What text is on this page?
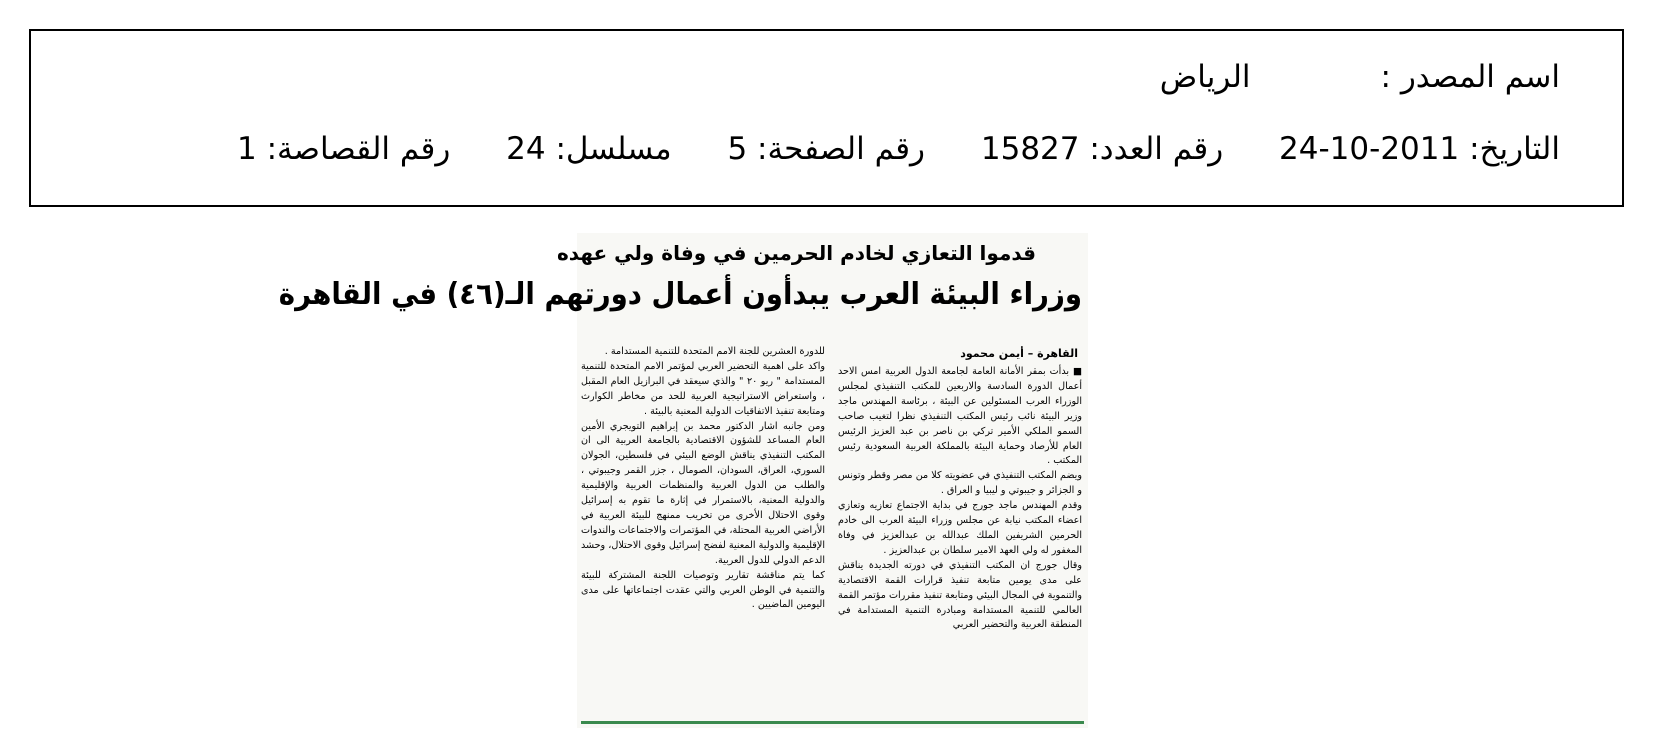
اسم المصدر :الرياض
التاريخ: 2011-10-24 رقم العدد: 15827 رقم الصفحة: 5 مسلسل: 24 رقم القصاصة: 1
قدموا التعازي لخادم الحرمين في وفاة ولي عهده
وزراء البيئة العرب يبدأون أعمال دورتهم الـ(٤٦) في القاهرة
القاهرة – أيمن محمود

■ بدأت بمقر الأمانة العامة لجامعة الدول العربية امس الاحد أعمال الدورة السادسة والاربعين للمكتب التنفيذي لمجلس الوزراء العرب المسئولين عن البيئة ، برئاسة المهندس ماجد وزير البيئة نائب رئيس المكتب التنفيذي نظرا لتغيب صاحب السمو الملكي الأمير تركي بن ناصر بن عبد العزيز الرئيس العام للأرصاد وحماية البيئة بالمملكة العربية السعودية رئيس المكتب .

ويضم المكتب التنفيذي في عضويته كلا من مصر وقطر وتونس و الجزائر و جيبوتي و ليبيا و العراق .

وقدم المهندس ماجد جورج في بداية الاجتماع تعازيه وتعازي اعضاء المكتب نيابة عن مجلس وزراء البيئة العرب الى خادم الحرمين الشريفين الملك عبدالله بن عبدالعزيز في وفاة المغفور له ولي العهد الامير سلطان بن عبدالعزيز .

وقال جورج ان المكتب التنفيذي في دورته الجديدة يناقش على مدى يومين متابعة تنفيذ قرارات القمة الاقتصادية والتنموية في المجال البيئي ومتابعة تنفيذ مقررات مؤتمر القمة العالمي للتنمية المستدامة ومبادرة التنمية المستدامة في المنطقة العربية والتحضير العربي

للدورة العشرين للجنة الامم المتحدة للتنمية المستدامة .

واكد على اهمية التحضير العربي لمؤتمر الامم المتحدة للتنمية المستدامة " ريو ٢٠ " والذي سيعقد في البرازيل العام المقبل ، واستعراض الاستراتيجية العربية للحد من مخاطر الكوارث ومتابعة تنفيذ الاتفاقيات الدولية المعنية بالبيئة .

ومن جانبه اشار الدكتور محمد بن إبراهيم التويجري الأمين العام المساعد للشؤون الاقتصادية بالجامعة العربية الى ان المكتب التنفيذي يناقش الوضع البيئي في فلسطين، الجولان السوري، العراق، السودان، الصومال ، جزر القمر وجيبوتي ، والطلب من الدول العربية والمنظمات العربية والإقليمية والدولية المعنية، بالاستمرار في إثارة ما تقوم به إسرائيل وقوى الاحتلال الأخرى من تخريب ممنهج للبيئة العربية في الأراضي العربية المحتلة، في المؤتمرات والاجتماعات والندوات الإقليمية والدولية المعنية لفضح إسرائيل وقوى الاحتلال، وحشد الدعم الدولي للدول العربية.

كما يتم مناقشة تقارير وتوصيات اللجنة المشتركة للبيئة والتنمية في الوطن العربي والتي عقدت اجتماعاتها على مدى اليومين الماضيين .
